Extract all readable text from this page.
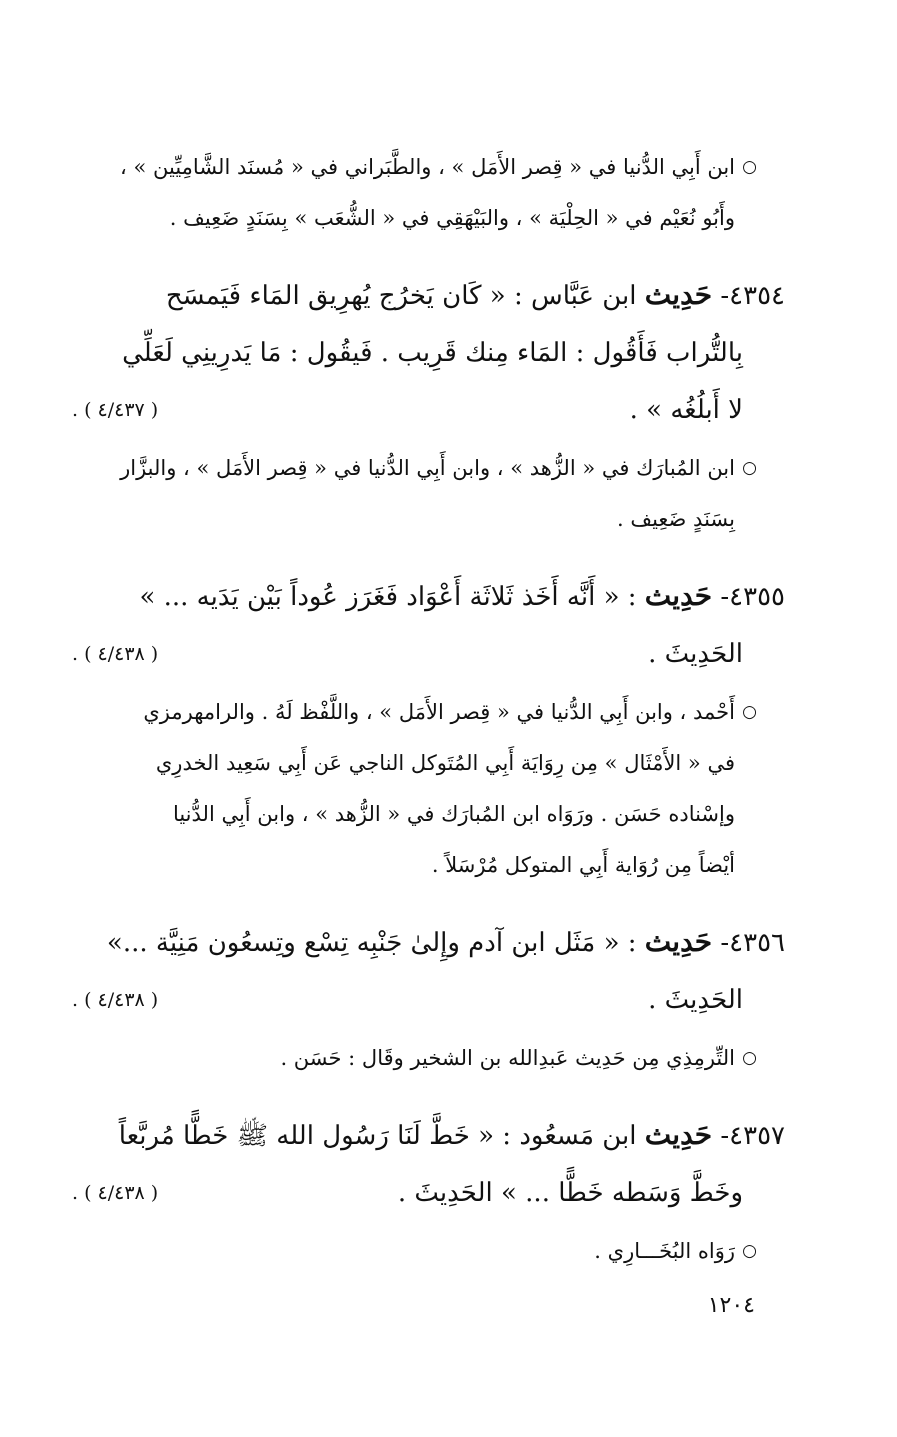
○
ابن أَبِي الدُّنيا في « قِصر الأَمَل » ، والطَّبَراني في « مُسنَد الشَّامِيِّين » ،
وأَبُو نُعَيْم في « الحِلْيَة » ، والبَيْهَقِي في « الشُّعَب » بِسَنَدٍ ضَعِيف .

٤٣٥٤- حَدِيث ابن عَبَّاس : « كَان يَخرُج يُهرِيق المَاء فَيَمسَح
بِالتُّراب فَأَقُول : المَاء مِنك قَرِيب . فَيقُول : مَا يَدرِينِي لَعَلِّي
لا أَبلُغُه » .
( ٤/٤٣٧ ) .

○
ابن المُبارَك في « الزُّهد » ، وابن أَبِي الدُّنيا في « قِصر الأَمَل » ، والبزَّار
بِسَنَدٍ ضَعِيف .

٤٣٥٥- حَدِيث : « أَنَّه أَخَذ ثَلاثَة أَعْوَاد فَغَرَز عُوداً بَيْن يَدَيه ... »
الحَدِيثَ .
( ٤/٤٣٨ ) .

○
أَحْمد ، وابن أَبِي الدُّنيا في « قِصر الأَمَل » ، واللَّفْظ لَهُ . والرامهرمزي
في « الأَمْثَال » مِن رِوَايَة أَبِي المُتَوكل الناجي عَن أَبِي سَعِيد الخدرِي
وإسْناده حَسَن . ورَوَاه ابن المُبارَك في « الزُّهد » ، وابن أَبِي الدُّنيا
أيْضاً مِن رُوَاية أَبِي المتوكل مُرْسَلاً .

٤٣٥٦- حَدِيث : « مَثَل ابن آدم وإِلىٰ جَنْبِه تِسْع وتِسعُون مَنِيَّة ...»
الحَدِيثَ .
( ٤/٤٣٨ ) .

○
التِّرمِذِي مِن حَدِيث عَبدِالله بن الشخير وقَال : حَسَن .

٤٣٥٧- حَدِيث ابن مَسعُود : « خَطَّ لَنَا رَسُول الله ﷺ خَطًّا مُربَّعاً
وخَطَّ وَسَطه خَطًّا ... » الحَدِيثَ .
( ٤/٤٣٨ ) .

○
رَوَاه البُخَـــارِي .

١٢٠٤
